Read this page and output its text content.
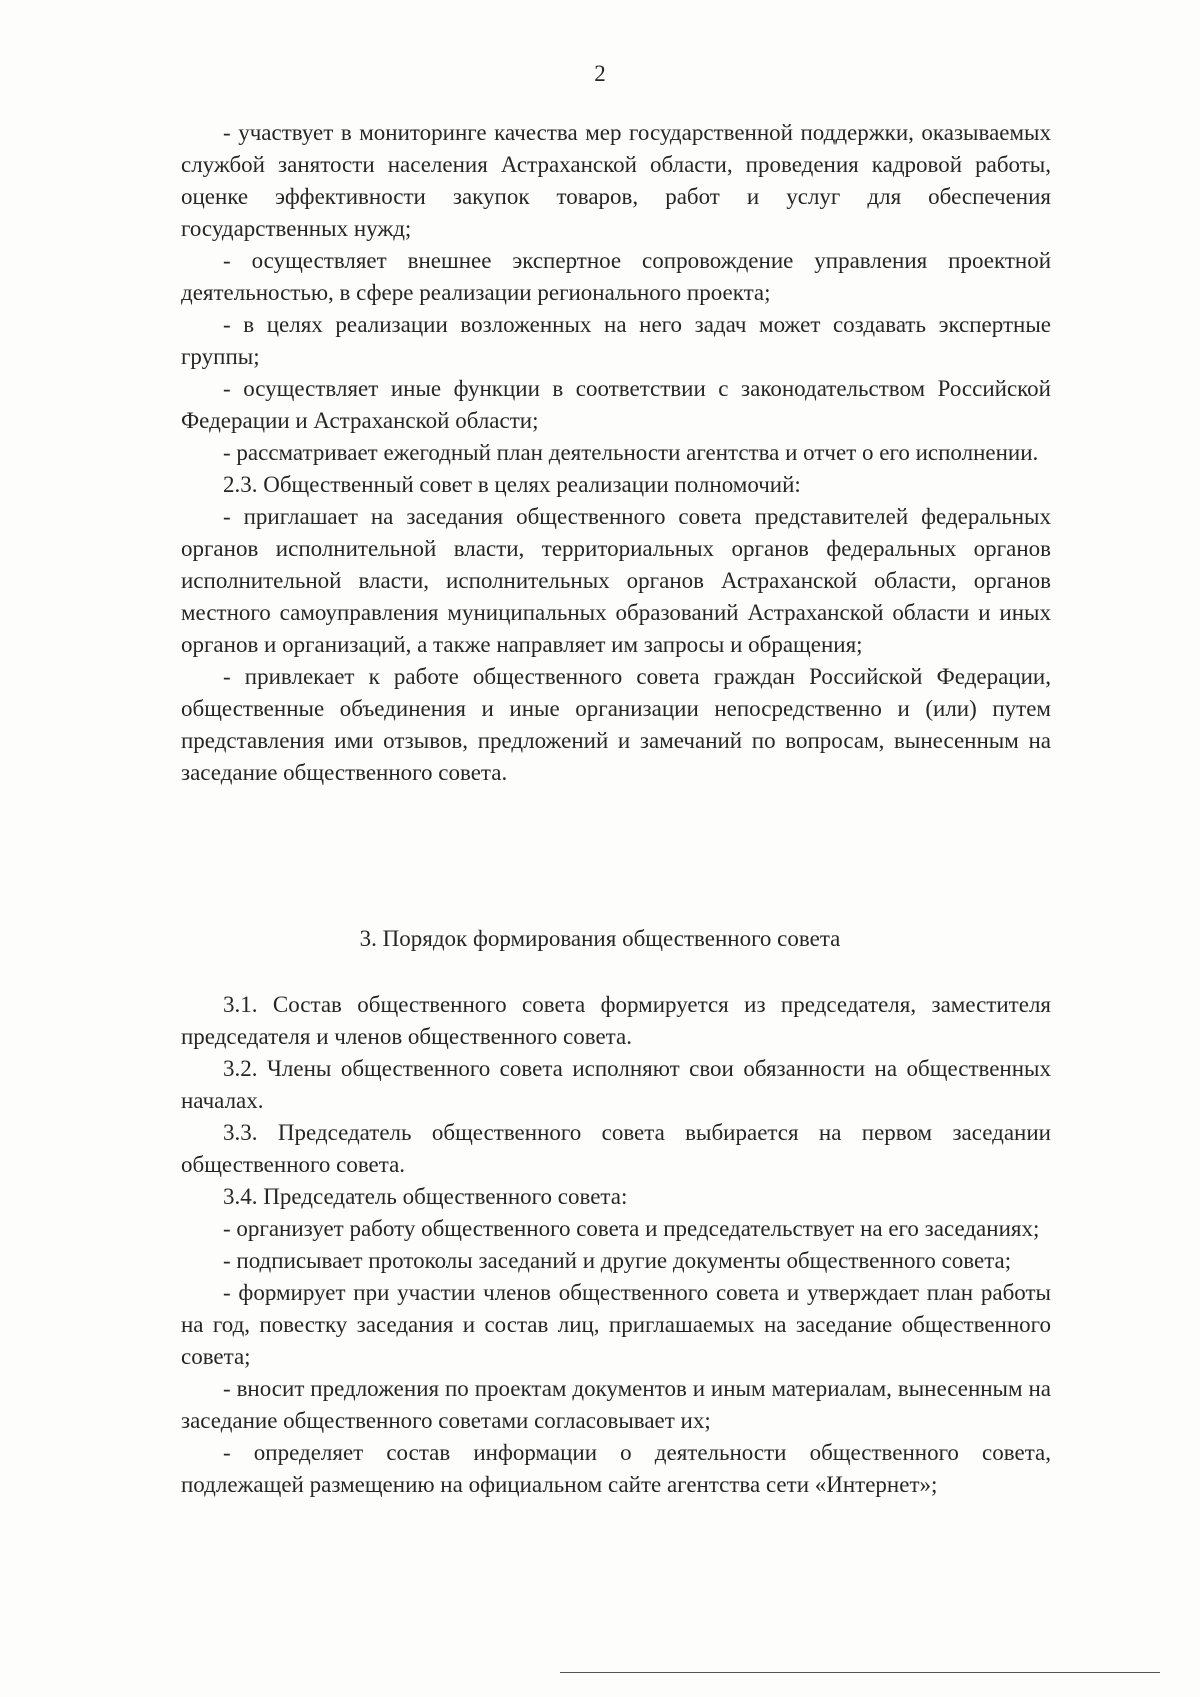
2

- участвует в мониторинге качества мер государственной поддержки, оказываемых службой занятости населения Астраханской области, проведения кадровой работы, оценке эффективности закупок товаров, работ и услуг для обеспечения государственных нужд;

- осуществляет внешнее экспертное сопровождение управления проектной деятельностью, в сфере реализации регионального проекта;

- в целях реализации возложенных на него задач может создавать экспертные группы;

- осуществляет иные функции в соответствии с законодательством Российской Федерации и Астраханской области;

- рассматривает ежегодный план деятельности агентства и отчет о его исполнении.

2.3. Общественный совет в целях реализации полномочий:

- приглашает на заседания общественного совета представителей федеральных органов исполнительной власти, территориальных органов федеральных органов исполнительной власти, исполнительных органов Астраханской области, органов местного самоуправления муниципальных образований Астраханской области и иных органов и организаций, а также направляет им запросы и обращения;

- привлекает к работе общественного совета граждан Российской Федерации, общественные объединения и иные организации непосредственно и (или) путем представления ими отзывов, предложений и замечаний по вопросам, вынесенным на заседание общественного совета.

3. Порядок формирования общественного совета

3.1. Состав общественного совета формируется из председателя, заместителя председателя и членов общественного совета.

3.2. Члены общественного совета исполняют свои обязанности на общественных началах.

3.3. Председатель общественного совета выбирается на первом заседании общественного совета.

3.4. Председатель общественного совета:

- организует работу общественного совета и председательствует на его заседаниях;

- подписывает протоколы заседаний и другие документы общественного совета;

- формирует при участии членов общественного совета и утверждает план работы на год, повестку заседания и состав лиц, приглашаемых на заседание общественного совета;

- вносит предложения по проектам документов и иным материалам, вынесенным на заседание общественного советами согласовывает их;

- определяет состав информации о деятельности общественного совета, подлежащей размещению на официальном сайте агентства сети «Интернет»;
